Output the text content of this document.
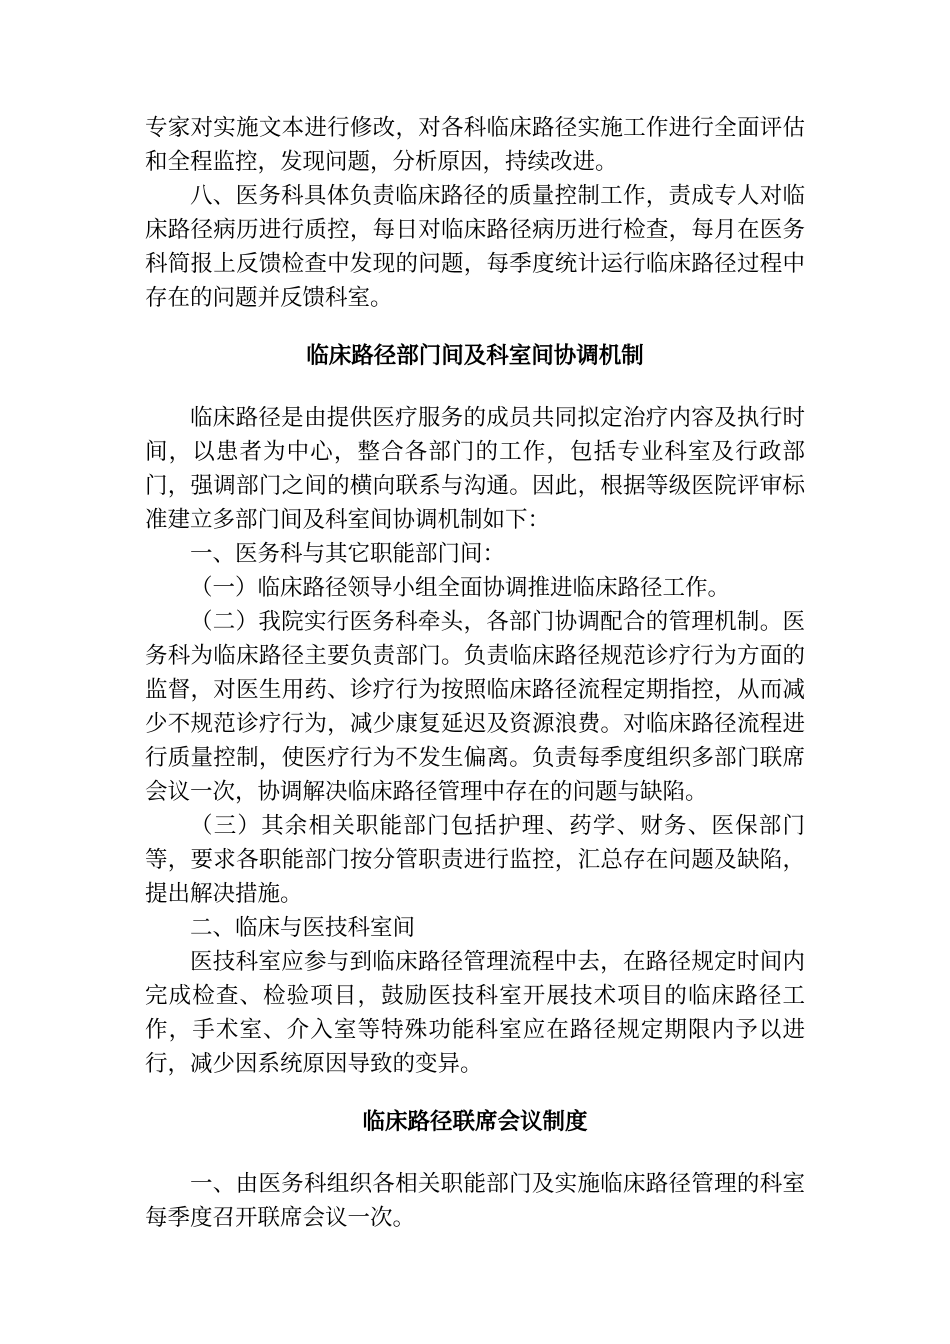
专家对实施文本进行修改，对各科临床路径实施工作进行全面评估和全程监控，发现问题，分析原因，持续改进。

八、医务科具体负责临床路径的质量控制工作，责成专人对临床路径病历进行质控，每日对临床路径病历进行检查，每月在医务科简报上反馈检查中发现的问题，每季度统计运行临床路径过程中存在的问题并反馈科室。

临床路径部门间及科室间协调机制

临床路径是由提供医疗服务的成员共同拟定治疗内容及执行时间，以患者为中心，整合各部门的工作，包括专业科室及行政部门，强调部门之间的横向联系与沟通。因此，根据等级医院评审标准建立多部门间及科室间协调机制如下：

一、医务科与其它职能部门间：

（一）临床路径领导小组全面协调推进临床路径工作。

（二）我院实行医务科牵头，各部门协调配合的管理机制。医务科为临床路径主要负责部门。负责临床路径规范诊疗行为方面的监督，对医生用药、诊疗行为按照临床路径流程定期指控，从而减少不规范诊疗行为，减少康复延迟及资源浪费。对临床路径流程进行质量控制，使医疗行为不发生偏离。负责每季度组织多部门联席会议一次，协调解决临床路径管理中存在的问题与缺陷。

（三）其余相关职能部门包括护理、药学、财务、医保部门等，要求各职能部门按分管职责进行监控，汇总存在问题及缺陷，提出解决措施。

二、临床与医技科室间

医技科室应参与到临床路径管理流程中去，在路径规定时间内完成检查、检验项目，鼓励医技科室开展技术项目的临床路径工作，手术室、介入室等特殊功能科室应在路径规定期限内予以进行，减少因系统原因导致的变异。

临床路径联席会议制度

一、由医务科组织各相关职能部门及实施临床路径管理的科室每季度召开联席会议一次。
